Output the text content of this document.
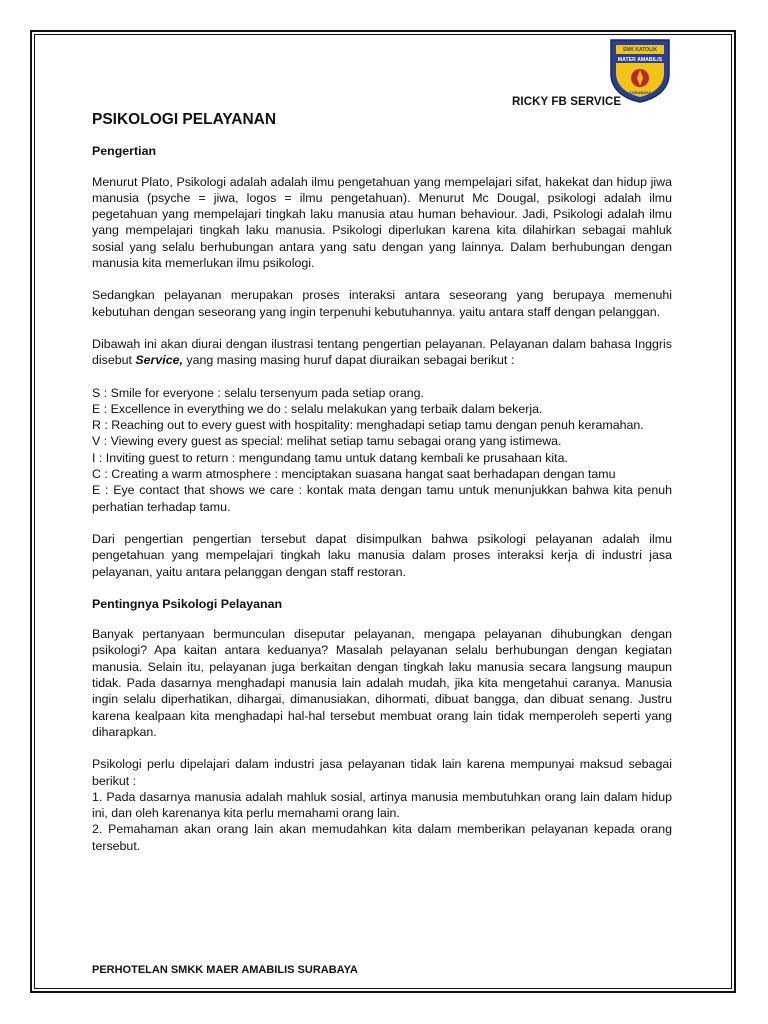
SMK KATOLIK
MATER AMABILIS
SURABAYA
RICKY FB SERVICE
PSIKOLOGI PELAYANAN
Pengertian

Menurut Plato, Psikologi adalah adalah ilmu pengetahuan yang mempelajari sifat, hakekat dan hidup jiwa manusia (psyche = jiwa, logos = ilmu pengetahuan). Menurut Mc Dougal, psikologi adalah ilmu pegetahuan yang mempelajari tingkah laku manusia atau human behaviour. Jadi, Psikologi adalah ilmu yang mempelajari tingkah laku manusia. Psikologi diperlukan karena kita dilahirkan sebagai mahluk sosial yang selalu berhubungan antara yang satu dengan yang lainnya. Dalam berhubungan dengan manusia kita memerlukan ilmu psikologi.

Sedangkan pelayanan merupakan proses interaksi antara seseorang yang berupaya memenuhi kebutuhan dengan seseorang yang ingin terpenuhi kebutuhannya. yaitu antara staff dengan pelanggan.

Dibawah ini akan diurai dengan ilustrasi tentang pengertian pelayanan. Pelayanan dalam bahasa Inggris disebut Service, yang masing masing huruf dapat diuraikan sebagai berikut :

S : Smile for everyone : selalu tersenyum pada setiap orang.
E : Excellence in everything we do : selalu melakukan yang terbaik dalam bekerja.
R : Reaching out to every guest with hospitality: menghadapi setiap tamu dengan penuh keramahan.
V : Viewing every guest as special: melihat setiap tamu sebagai orang yang istimewa.
I : Inviting guest to return : mengundang tamu untuk datang kembali ke prusahaan kita.
C : Creating a warm atmosphere : menciptakan suasana hangat saat berhadapan dengan tamu
E : Eye contact that shows we care : kontak mata dengan tamu untuk menunjukkan bahwa kita penuh perhatian terhadap tamu.

Dari pengertian pengertian tersebut dapat disimpulkan bahwa psikologi pelayanan adalah ilmu pengetahuan yang mempelajari tingkah laku manusia dalam proses interaksi kerja di industri jasa pelayanan, yaitu antara pelanggan dengan staff restoran.

Pentingnya Psikologi Pelayanan

Banyak pertanyaan bermunculan diseputar pelayanan, mengapa pelayanan dihubungkan dengan psikologi? Apa kaitan antara keduanya? Masalah pelayanan selalu berhubungan dengan kegiatan manusia. Selain itu, pelayanan juga berkaitan dengan tingkah laku manusia secara langsung maupun tidak. Pada dasarnya menghadapi manusia lain adalah mudah, jika kita mengetahui caranya. Manusia ingin selalu diperhatikan, dihargai, dimanusiakan, dihormati, dibuat bangga, dan dibuat senang. Justru karena kealpaan kita menghadapi hal-hal tersebut membuat orang lain tidak memperoleh seperti yang diharapkan.

Psikologi perlu dipelajari dalam industri jasa pelayanan tidak lain karena mempunyai maksud sebagai berikut :
1. Pada dasarnya manusia adalah mahluk sosial, artinya manusia membutuhkan orang lain dalam hidup ini, dan oleh karenanya kita perlu memahami orang lain.
2. Pemahaman akan orang lain akan memudahkan kita dalam memberikan pelayanan kepada orang tersebut.
PERHOTELAN SMKK MAER AMABILIS SURABAYA
